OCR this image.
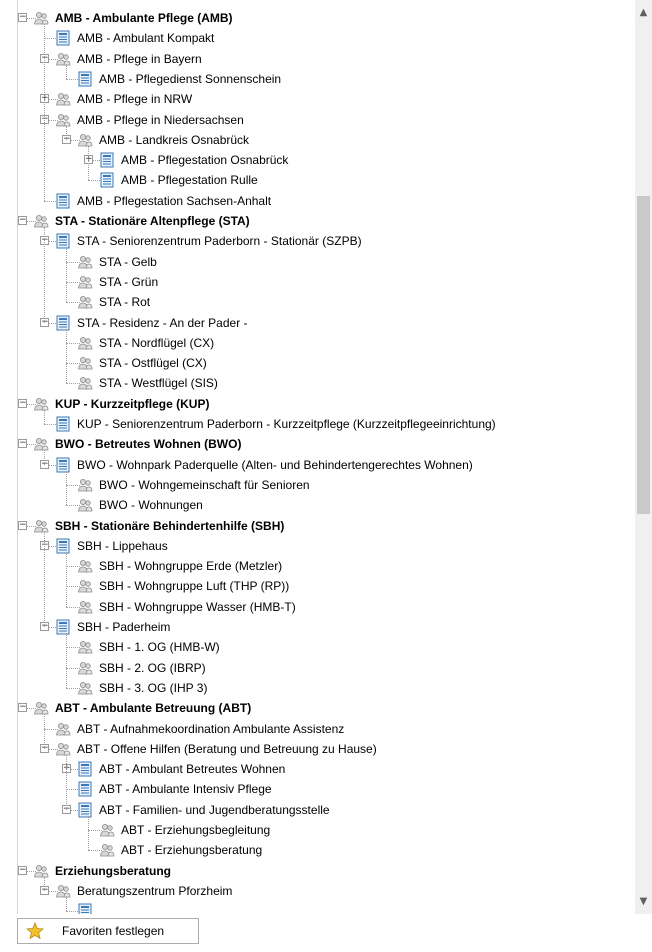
− AMB - Ambulante Pflege (AMB)
AMB - Ambulant Kompakt
− AMB - Pflege in Bayern
AMB - Pflegedienst Sonnenschein
+ AMB - Pflege in NRW
− AMB - Pflege in Niedersachsen
− AMB - Landkreis Osnabrück
+ AMB - Pflegestation Osnabrück
AMB - Pflegestation Rulle
AMB - Pflegestation Sachsen-Anhalt
− STA - Stationäre Altenpflege (STA)
− STA - Seniorenzentrum Paderborn - Stationär (SZPB)
STA - Gelb
STA - Grün
STA - Rot
− STA - Residenz - An der Pader -
STA - Nordflügel (CX)
STA - Ostflügel (CX)
STA - Westflügel (SIS)
− KUP - Kurzzeitpflege (KUP)
KUP - Seniorenzentrum Paderborn - Kurzzeitpflege (Kurzzeitpflegeeinrichtung)
− BWO - Betreutes Wohnen (BWO)
− BWO - Wohnpark Paderquelle (Alten- und Behindertengerechtes Wohnen)
BWO - Wohngemeinschaft für Senioren
BWO - Wohnungen
− SBH - Stationäre Behindertenhilfe (SBH)
− SBH - Lippehaus
SBH - Wohngruppe Erde (Metzler)
SBH - Wohngruppe Luft (THP (RP))
SBH - Wohngruppe Wasser (HMB-T)
− SBH - Paderheim
SBH - 1. OG (HMB-W)
SBH - 2. OG (IBRP)
SBH - 3. OG (IHP 3)
− ABT - Ambulante Betreuung (ABT)
ABT - Aufnahmekoordination Ambulante Assistenz
− ABT - Offene Hilfen (Beratung und Betreuung zu Hause)
+ ABT - Ambulant Betreutes Wohnen
ABT - Ambulante Intensiv Pflege
− ABT - Familien- und Jugendberatungsstelle
ABT - Erziehungsbegleitung
ABT - Erziehungsberatung
− Erziehungsberatung
− Beratungszentrum Pforzheim
▲
▼
Favoriten festlegen
